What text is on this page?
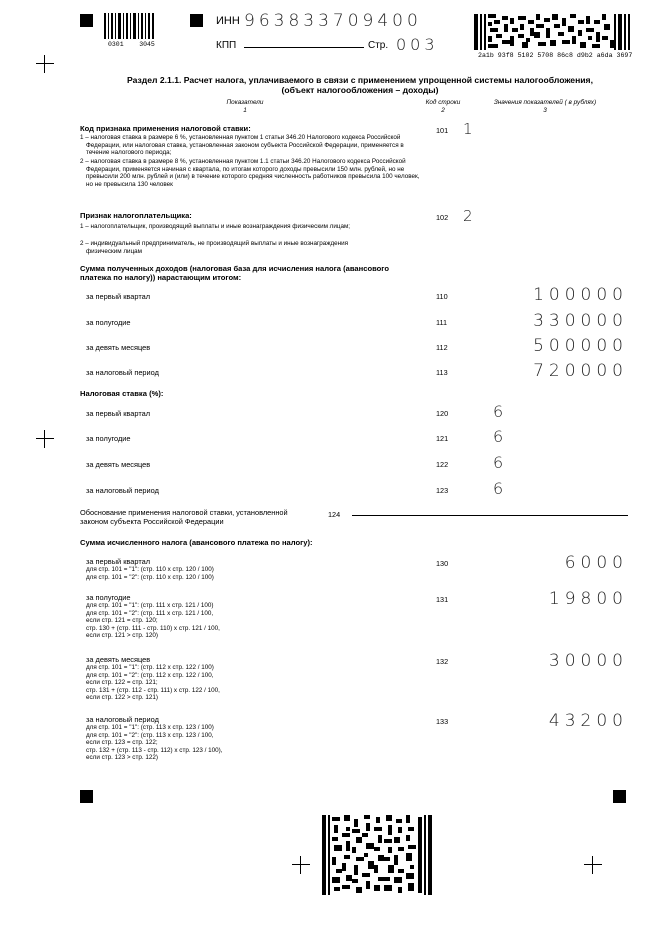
0301    3045
ИНН 963833709400
КПП	Стр. 003
2a1b 93f8 5102 5708 86c8 d9b2 a6da 3697
Раздел 2.1.1. Расчет налога, уплачиваемого в связи с применением упрощенной системы налогообложения,
(объект налогообложения – доходы)
Показатели
1
Код строки
2
Значения показателей ( в рублях)
3
Код признака применения налоговой ставки:
1 – налоговая ставка в размере 6 %, установленная пунктом 1 статьи 346.20 Налогового кодекса Российской Федерации, или налоговая ставка, установленная законом субъекта Российской Федерации, применяется в течение налогового периода;
2 – налоговая ставка в размере 8 %, установленная пунктом 1.1 статьи 346.20 Налогового кодекса Российской Федерации, применяется начиная с квартала, по итогам которого доходы превысили 150 млн. рублей, но не превысили 200 млн. рублей и (или) в течение которого средняя численность работников превысила 100 человек, но не превысила 130 человек
101 1
Признак налогоплательщика:
1 – налогоплательщик, производящий выплаты и иные вознаграждения физическим лицам;
2 – индивидуальный предприниматель, не производящий выплаты и иные вознаграждения физическим лицам
102 2
Сумма полученных доходов (налоговая база для исчисления налога (авансового платежа по налогу)) нарастающим итогом:
за первый квартал	110	100000
за полугодие	111	330000
за девять месяцев	112	500000
за налоговый период	113	720000
Налоговая ставка (%):
за первый квартал	120	6
за полугодие	121	6
за девять месяцев	122	6
за налоговый период	123	6
Обоснование применения налоговой ставки, установленной законом субъекта Российской Федерации
124
Сумма исчисленного налога (авансового платежа по налогу):
за первый квартал
для стр. 101 = "1": (стр. 110 х стр. 120 / 100)
для стр. 101 = "2": (стр. 110 х стр. 120 / 100)
130	6000
за полугодие
для стр. 101 = "1": (стр. 111 х стр. 121 / 100)
для стр. 101 = "2": (стр. 111 х стр. 121 / 100,
если стр. 121 = стр. 120;
стр. 130 + (стр. 111 - стр. 110) х стр. 121 / 100,
если стр. 121 > стр. 120)
131	19800
за девять месяцев
для стр. 101 = "1": (стр. 112 х стр. 122 / 100)
для стр. 101 = "2": (стр. 112 х стр. 122 / 100,
если стр. 122 = стр. 121;
стр. 131 + (стр. 112 - стр. 111) х стр. 122 / 100,
если стр. 122 > стр. 121)
132	30000
за налоговый период
для стр. 101 = "1": (стр. 113 х стр. 123 / 100)
для стр. 101 = "2": (стр. 113 х стр. 123 / 100,
если стр. 123 = стр. 122;
стр. 132 + (стр. 113 - стр. 112) х стр. 123 / 100),
если стр. 123 > стр. 122)
133	43200
